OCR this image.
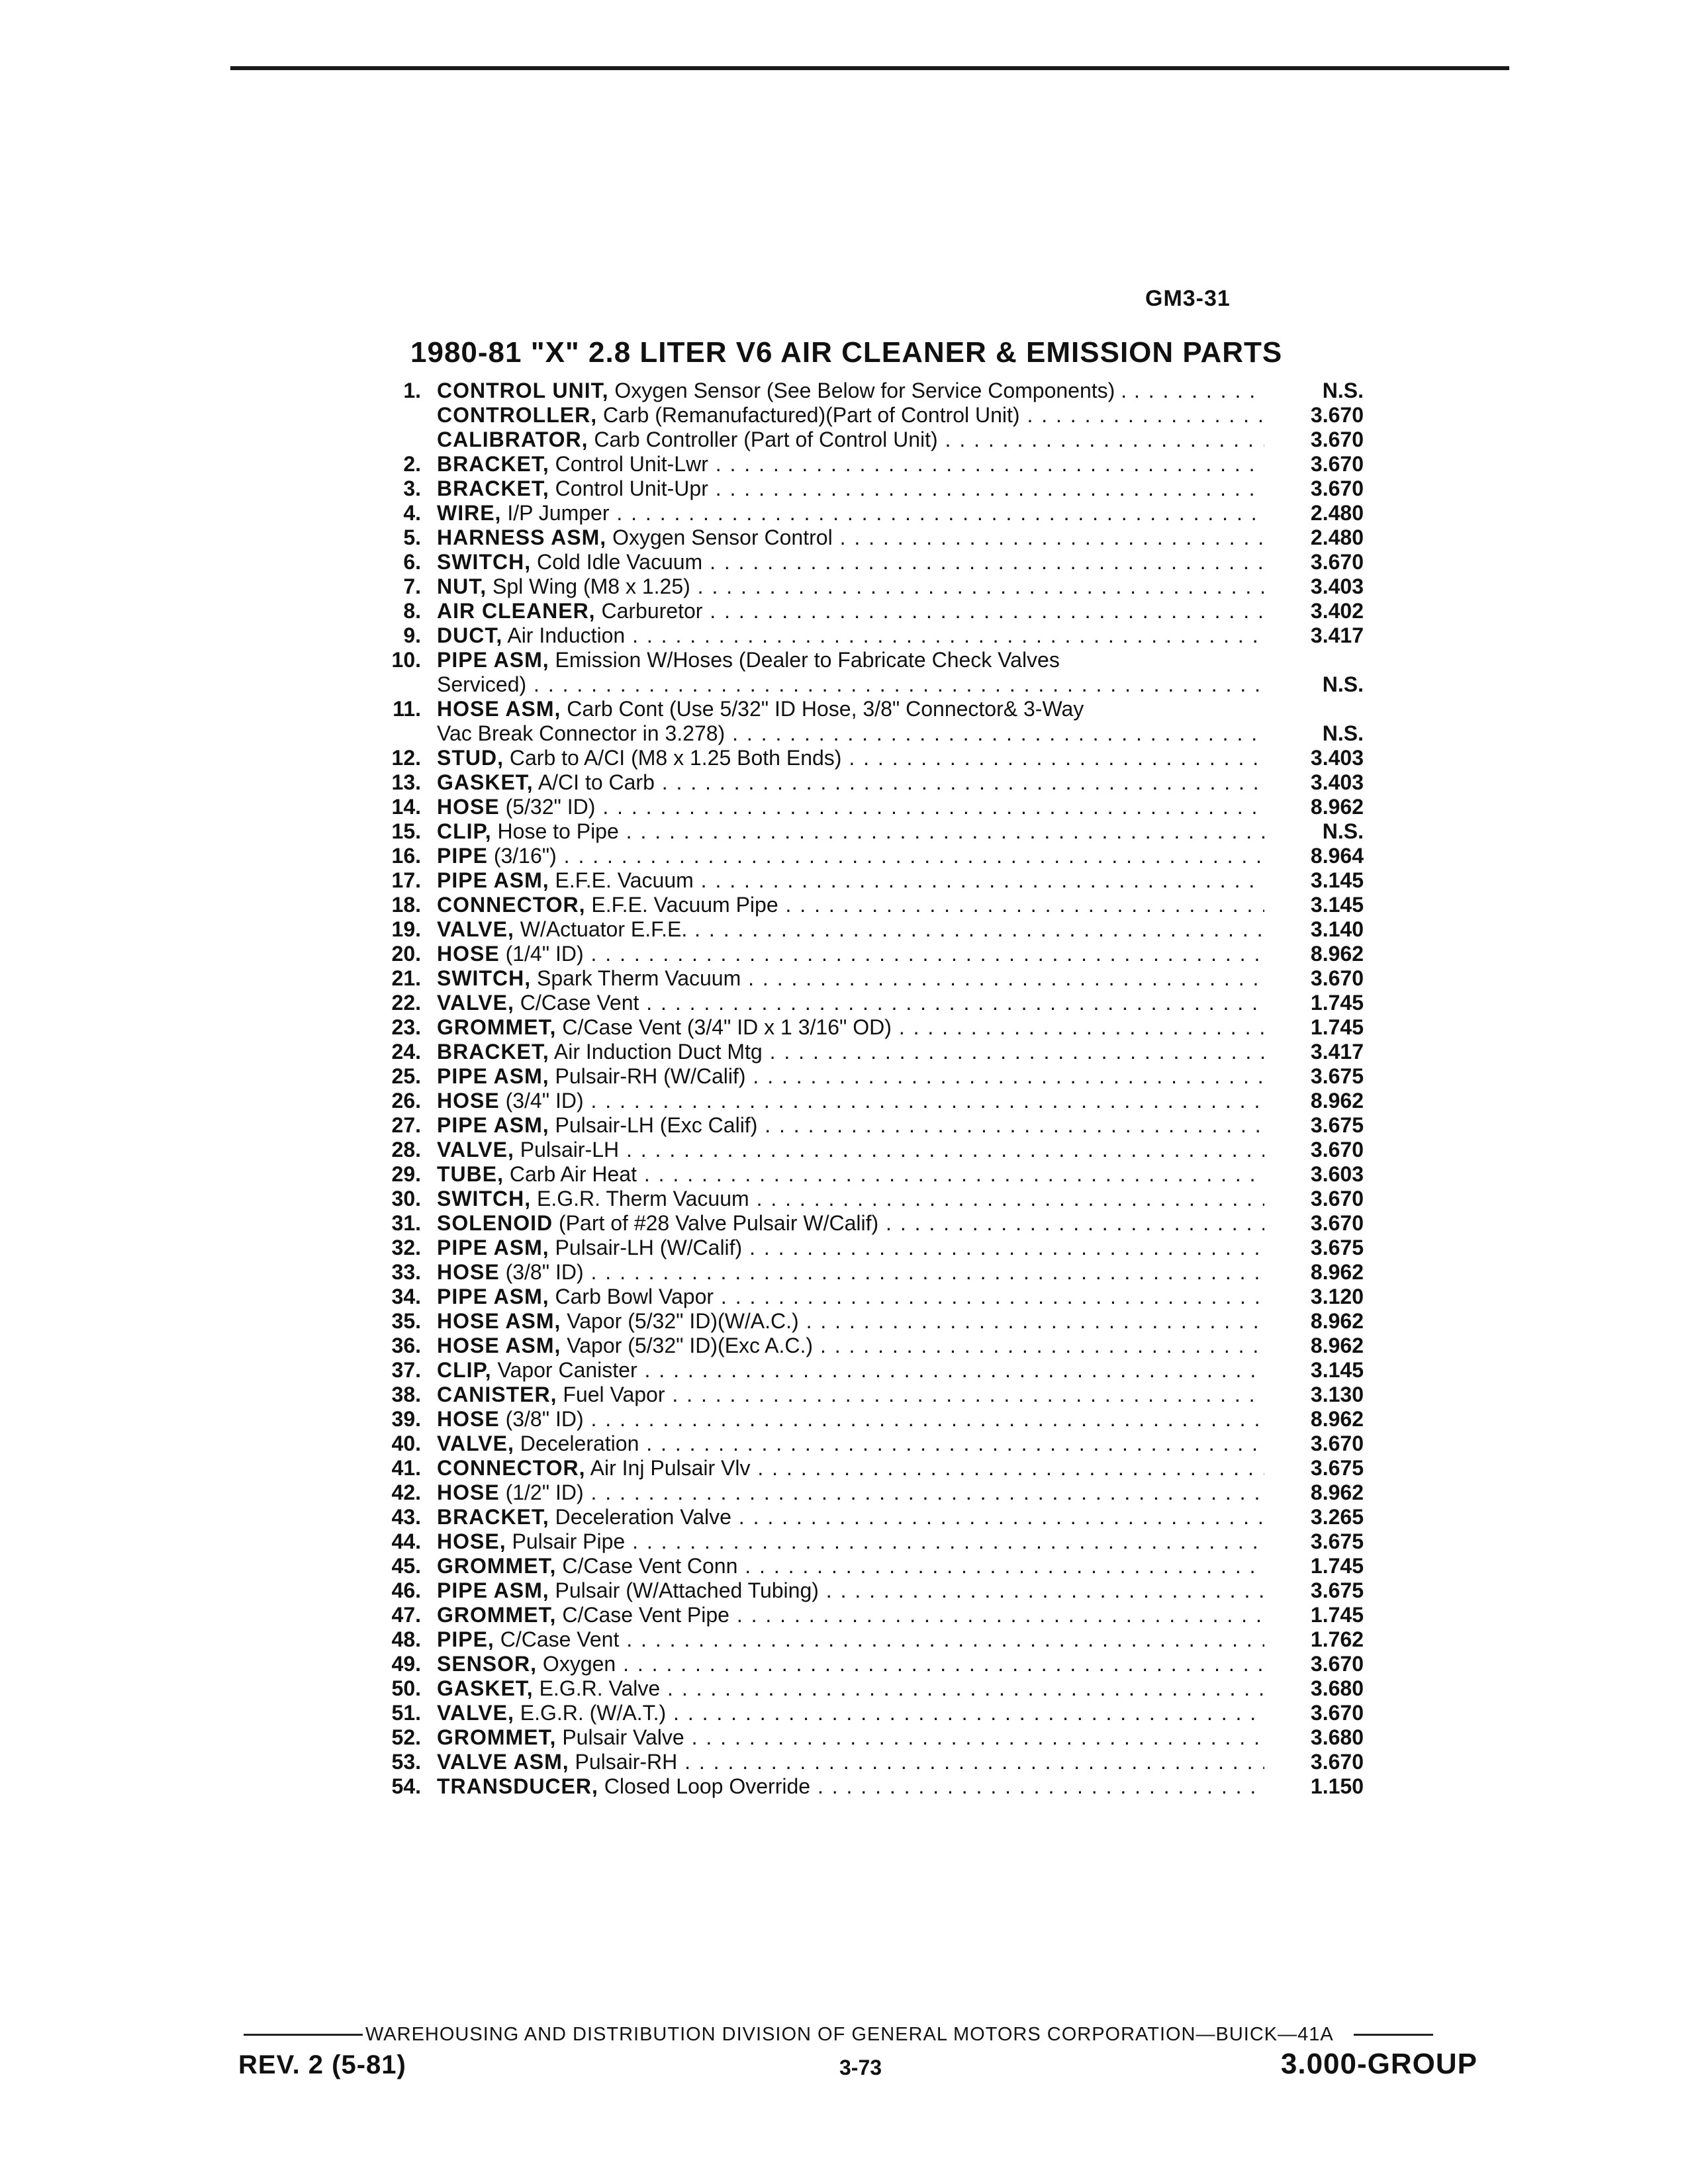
GM3-31
1980-81 "X" 2.8 LITER V6 AIR CLEANER & EMISSION PARTS
1. CONTROL UNIT, Oxygen Sensor (See Below for Service Components) . . . .	N.S.
CONTROLLER, Carb (Remanufactured)(Part of Control Unit) . . .	3.670
CALIBRATOR, Carb Controller (Part of Control Unit) . . .	3.670
2. BRACKET, Control Unit-Lwr . . .	3.670
3. BRACKET, Control Unit-Upr . . .	3.670
4. WIRE, I/P Jumper . . .	2.480
5. HARNESS ASM, Oxygen Sensor Control . . .	2.480
6. SWITCH, Cold Idle Vacuum . . .	3.670
7. NUT, Spl Wing (M8 x 1.25) . . .	3.403
8. AIR CLEANER, Carburetor . . .	3.402
9. DUCT, Air Induction . . .	3.417
10. PIPE ASM, Emission W/Hoses (Dealer to Fabricate Check Valves
Serviced) . . .	N.S.
11. HOSE ASM, Carb Cont (Use 5/32" ID Hose, 3/8" Connector& 3-Way
Vac Break Connector in 3.278) . . .	N.S.
12. STUD, Carb to A/CI (M8 x 1.25 Both Ends) . . .	3.403
13. GASKET, A/CI to Carb . . .	3.403
14. HOSE (5/32" ID) . . .	8.962
15. CLIP, Hose to Pipe . . .	N.S.
16. PIPE (3/16") . . .	8.964
17. PIPE ASM, E.F.E. Vacuum . . .	3.145
18. CONNECTOR, E.F.E. Vacuum Pipe . . .	3.145
19. VALVE, W/Actuator E.F.E. . . .	3.140
20. HOSE (1/4" ID) . . .	8.962
21. SWITCH, Spark Therm Vacuum . . .	3.670
22. VALVE, C/Case Vent . . .	1.745
23. GROMMET, C/Case Vent (3/4" ID x 1 3/16" OD) . . .	1.745
24. BRACKET, Air Induction Duct Mtg . . .	3.417
25. PIPE ASM, Pulsair-RH (W/Calif) . . .	3.675
26. HOSE (3/4" ID) . . .	8.962
27. PIPE ASM, Pulsair-LH (Exc Calif) . . .	3.675
28. VALVE, Pulsair-LH . . .	3.670
29. TUBE, Carb Air Heat . . .	3.603
30. SWITCH, E.G.R. Therm Vacuum . . .	3.670
31. SOLENOID (Part of #28 Valve Pulsair W/Calif) . . .	3.670
32. PIPE ASM, Pulsair-LH (W/Calif) . . .	3.675
33. HOSE (3/8" ID) . . .	8.962
34. PIPE ASM, Carb Bowl Vapor . . .	3.120
35. HOSE ASM, Vapor (5/32" ID)(W/A.C.) . . .	8.962
36. HOSE ASM, Vapor (5/32" ID)(Exc A.C.) . . .	8.962
37. CLIP, Vapor Canister . . .	3.145
38. CANISTER, Fuel Vapor . . .	3.130
39. HOSE (3/8" ID) . . .	8.962
40. VALVE, Deceleration . . .	3.670
41. CONNECTOR, Air Inj Pulsair Vlv . . .	3.675
42. HOSE (1/2" ID) . . .	8.962
43. BRACKET, Deceleration Valve . . .	3.265
44. HOSE, Pulsair Pipe . . .	3.675
45. GROMMET, C/Case Vent Conn . . .	1.745
46. PIPE ASM, Pulsair (W/Attached Tubing) . . .	3.675
47. GROMMET, C/Case Vent Pipe . . .	1.745
48. PIPE, C/Case Vent . . .	1.762
49. SENSOR, Oxygen . . .	3.670
50. GASKET, E.G.R. Valve . . .	3.680
51. VALVE, E.G.R. (W/A.T.) . . .	3.670
52. GROMMET, Pulsair Valve . . .	3.680
53. VALVE ASM, Pulsair-RH . . .	3.670
54. TRANSDUCER, Closed Loop Override . . .	1.150
WAREHOUSING AND DISTRIBUTION DIVISION OF GENERAL MOTORS CORPORATION—BUICK—41A
REV. 2 (5-81)	3-73	3.000-GROUP
